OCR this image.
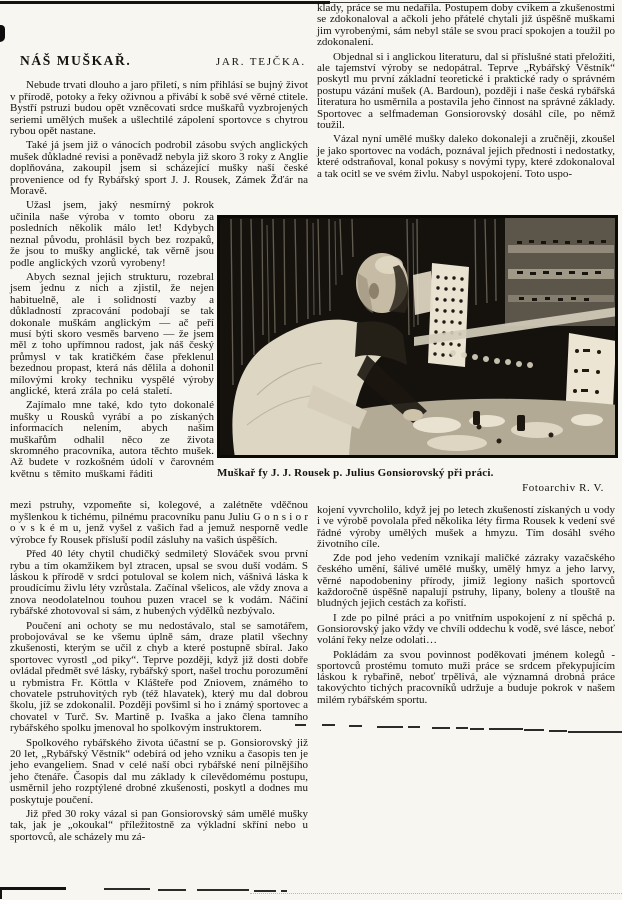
NÁŠ MUŠKAŘ.	JAR. TEJČKA.

Nebude trvati dlouho a jaro přiletí, s ním přihlásí se bujný život v přírodě, potoky a řeky oživnou a přivábí k sobě své věrné ctitele. Bystří pstruzi budou opět vzněcovati srdce muškařů vyzbrojených seriemi umělých mušek a ušlechtilé zápolení sportovce s chytrou rybou opět nastane.

Také já jsem již o vánocích podrobil zásobu svých anglických mušek důkladné revisi a poněvadž nebyla již skoro 3 roky z Anglie doplňována, zakoupil jsem si scházející mušky naší české provenience od fy Rybářský sport J. J. Rousek, Zámek Žďár na Moravě.

Užasl jsem, jaký nesmírný pokrok učinila naše výroba v tomto oboru za posledních několik málo let! Kdybych neznal původu, prohlásil bych bez rozpaků, že jsou to mušky anglické, tak věrně jsou podle anglických vzorů vyrobeny!

Abych seznal jejich strukturu, rozebral jsem jednu z nich a zjistil, že nejen habituelně, ale i solidností vazby a důkladností zpracování podobají se tak dokonale muškám anglickým — ač peří musí býti skoro vesměs barveno — že jsem měl z toho upřímnou radost, jak náš český průmysl v tak kratičkém čase překlenul bezednou propast, která nás dělila a dohonil mílovými kroky techniku vyspělé výroby anglické, která zrála po celá staletí.

Zajímalo mne také, kdo tyto dokonalé mušky u Rousků vyrábí a po získaných informacích nelenim, abych našim muškařům odhalil něco ze života skromného pracovníka, autora těchto mušek. Až budete v rozkošném údolí v čarovném květnu s těmito muškami řáditi

mezi pstruhy, vzpomeňte si, kolegové, a zalétněte vděčnou myšlenkou k tichému, pilnému pracovníku panu Juliu G o n s i o r o v s k é m u, jenž vyšel z vašich řad a jemuž nesporně vedle výrobce fy Rousek přísluší podíl zásluhy na vašich úspěších.

Před 40 léty chytil chudičký sedmiletý Slováček svou první rybu a tím okamžikem byl ztracen, upsal se svou duší vodám. S láskou k přírodě v srdci potuloval se kolem nich, vášnivá láska k proudícímu živlu léty vzrůstala. Začínal všelicos, ale vždy znova a znova neodolatelnou touhou puzen vracel se k vodám. Náčiní rybářské zhotovoval si sám, z hubených výdělků nezbývalo.

Poučení ani ochoty se mu nedostávalo, stal se samotářem, probojovával se ke všemu úplně sám, draze platil všechny zkušenosti, kterým se učil z chyb a které postupně sbíral. Jako sportovec vyrostl „od piky“. Teprve později, když již dosti dobře ovládal předmět své lásky, rybářský sport, našel trochu porozumění u rybmistra Fr. Köttla v Klášteře pod Zniovem, známého to chovatele pstruhovitých ryb (též hlavatek), který mu dal dobrou školu, jíž se zdokonalil. Později povšiml si ho i známý sportovec a chovatel v Turč. Sv. Martině p. Ivaška a jako člena tamního rybářského spolku jmenoval ho spolkovým instruktorem.

Spolkového rybářského života účastní se p. Gonsiorovský již 20 let, „Rybářský Věstník“ odebírá od jeho vzniku a časopis ten je jeho evangeliem. Snad v celé naší obci rybářské není pilnějšího jeho čtenáře. Časopis dal mu základy k cílevědomému postupu, usměrnil jeho rozptýlené drobné zkušenosti, poskytl a dodnes mu poskytuje poučení.

Již před 30 roky vázal si pan Gonsiorovský sám umělé mušky tak, jak je „okoukal“ příležitostně za výkladní skříní nebo u sportovců, ale scházely mu zá-

klady, práce se mu nedařila. Postupem doby cvikem a zkušenostmi se zdokonaloval a ačkoli jeho přátelé chytali již úspěšně muškami jim vyrobenými, sám nebyl stále se svou prací spokojen a toužil po zdokonalení.

Objednal si i anglickou literaturu, dal si příslušné stati přeložiti, ale tajemství výroby se nedopátral. Teprve „Rybářský Věstník“ poskytl mu první základní teoretické i praktické rady o správném postupu vázání mušek (A. Bardoun), později i naše česká rybářská literatura ho usměrnila a postavila jeho činnost na správné základy. Sportovec a selfmademan Gonsiorovský dosáhl cíle, po němž toužil.

Vázal nyní umělé mušky daleko dokonaleji a zručněji, zkoušel je jako sportovec na vodách, poznával jejich přednosti i nedostatky, které odstraňoval, konal pokusy s novými typy, které zdokonaloval a tak ocitl se ve svém živlu. Nabyl uspokojení. Toto uspo-

Muškař fy J. J. Rousek p. Julius Gonsiorovský při práci.
Fotoarchiv R. V.

kojení vyvrcholilo, když jej po letech zkušeností získaných u vody i ve výrobě povolala před několika léty firma Rousek k vedení své řádné výroby umělých mušek a hmyzu. Tím dosáhl svého životního cíle.

Zde pod jeho vedením vznikají maličké zázraky vazačského českého umění, šálivé umělé mušky, umělý hmyz a jeho larvy, věrné napodobeniny přírody, jimiž legiony našich sportovců každoročně úspěšně napalují pstruhy, lipany, boleny a tlouště na bludných jejich cestách za kořistí.

I zde po pilné práci a po vnitřním uspokojení z ní spěchá p. Gonsiorovský jako vždy ve chvíli oddechu k vodě, své lásce, neboť volání řeky nelze odolati…

Pokládám za svou povinnost poděkovati jménem kolegů - sportovců prostému tomuto muži práce se srdcem překypujícím láskou k rybařině, neboť trpělivá, ale významná drobná práce takovýchto tichých pracovníků udržuje a buduje pokrok v našem milém rybářském sportu.
